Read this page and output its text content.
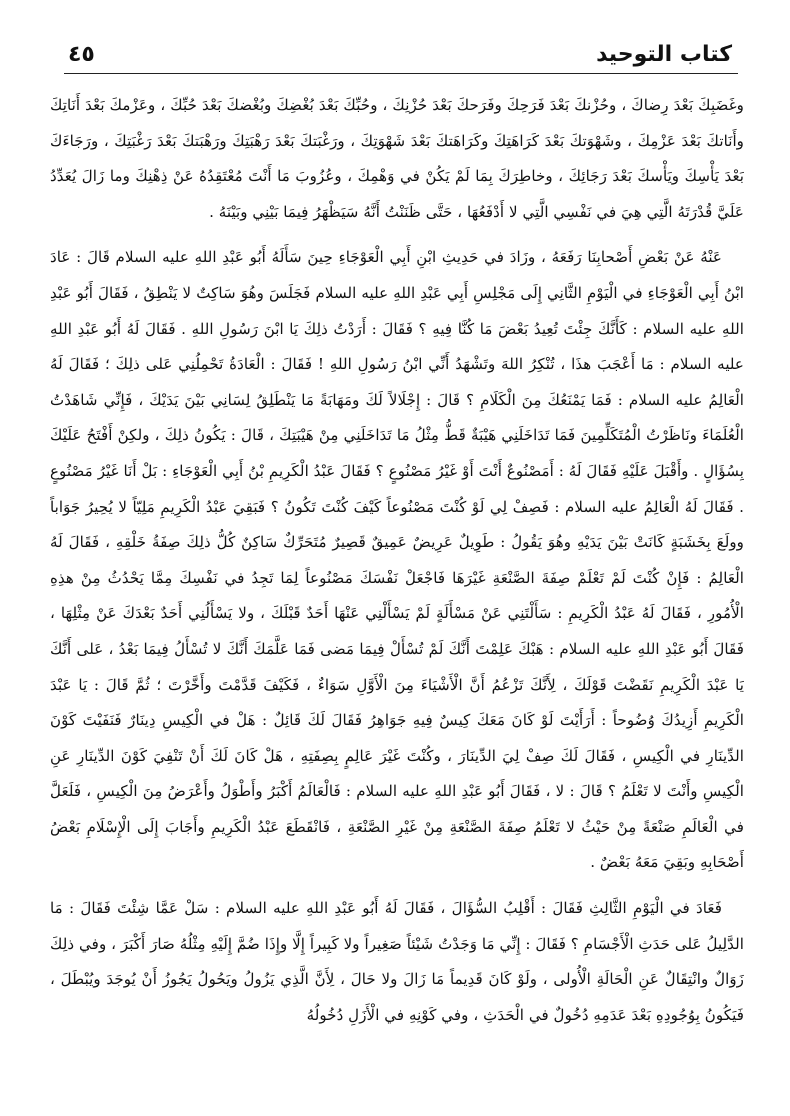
٤٥	كتاب التوحيد

وغَضَبِكَ بَعْدَ رِضاكَ ، وحُزْنكَ بَعْدَ فَرَحِكَ وفَرَحكَ بَعْدَ حُزْنِكَ ، وحُبِّكَ بَعْدَ بُغْضِكَ وبُغْضكَ بَعْدَ حُبِّكَ ، وعَزْمكَ بَعْدَ أَنَاتِكَ وأَنَاتكَ بَعْدَ عَزْمِكَ ، وشَهْوَتكَ بَعْدَ كَرَاهَتِكَ وكَرَاهَتكَ بَعْدَ شَهْوَتِكَ ، ورَغْبَتكَ بَعْدَ رَهْبَتِكَ ورَهْبَتكَ بَعْدَ رَغْبَتِكَ ، ورَجَاءَكَ بَعْدَ يَأْسِكَ ويَأْسكَ بَعْدَ رَجَائِكَ ، وخاطِرَكَ بِمَا لَمْ يَكُنْ في وَهْمِكَ ، وعُزُوبَ مَا أَنْتَ مُعْتَقِدُهُ عَنْ ذِهْنِكَ وما زَالَ يُعَدِّدُ عَلَيَّ قُدْرَتَهُ الَّتِي هِيَ في نَفْسِي الَّتِي لا أَدْفَعُهَا ، حَتَّى ظَنَنْتُ أَنَّهُ سَيَظْهَرُ فِيمَا بَيْنِي وبَيْنَهُ .

عَنْهُ عَنْ بَعْضِ أَصْحابِنَا رَفَعَهُ ، وزَادَ في حَدِيثِ ابْنِ أَبِي الْعَوْجَاءِ حِينَ سَأَلَهُ أَبُو عَبْدِ اللهِ عليه السلام قَالَ : عَادَ ابْنُ أَبِي الْعَوْجَاءِ في الْيَوْمِ الثَّانِي إِلَى مَجْلِسِ أَبِي عَبْدِ اللهِ عليه السلام فَجَلَسَ وهُوَ سَاكِتٌ لا يَنْطِقُ ، فَقَالَ أَبُو عَبْدِ اللهِ عليه السلام : كَأَنَّكَ جِئْتَ تُعِيدُ بَعْضَ مَا كُنَّا فِيهِ ؟ فَقَالَ : أَرَدْتُ ذلِكَ يَا ابْنَ رَسُولِ اللهِ . فَقَالَ لَهُ أَبُو عَبْدِ اللهِ عليه السلام : مَا أَعْجَبَ هذَا ، تُنْكِرُ اللهَ وتَشْهَدُ أَنِّي ابْنُ رَسُولِ اللهِ ! فَقَالَ : الْعَادَةُ تَحْمِلُنِي عَلى ذلِكَ ؛ فَقَالَ لَهُ الْعَالِمُ عليه السلام : فَمَا يَمْنَعُكَ مِنَ الْكَلَامِ ؟ قَالَ : إِجْلَالاً لَكَ ومَهَابَةً مَا يَنْطَلِقُ لِسَانِي بَيْنَ يَدَيْكَ ، فَإِنِّي شَاهَدْتُ الْعُلَمَاءَ ونَاظَرْتُ الْمُتَكَلِّمِينَ فَمَا تَدَاخَلَنِي هَيْبَةٌ قَطُّ مِثْلُ مَا تَدَاخَلَنِي مِنْ هَيْبَتِكَ ، قَالَ : يَكُونُ ذلِكَ ، ولكِنْ أَفْتَحُ عَلَيْكَ بِسُؤَالٍ . وأَقْبَلَ عَلَيْهِ فَقَالَ لَهُ : أَمَصْنُوعٌ أَنْتَ أَوْ غَيْرُ مَصْنُوعٍ ؟ فَقَالَ عَبْدُ الْكَرِيمِ بْنُ أَبِي الْعَوْجَاءِ : بَلْ أَنَا غَيْرُ مَصْنُوعٍ . فَقَالَ لَهُ الْعَالِمُ عليه السلام : فَصِفْ لِي لَوْ كُنْتَ مَصْنُوعاً كَيْفَ كُنْتَ تَكُونُ ؟ فَبَقِيَ عَبْدُ الْكَرِيمِ مَلِيّاً لا يُحِيرُ جَوَاباً وولَعَ بِخَشَبَةٍ كَانَتْ بَيْنَ يَدَيْهِ وهُوَ يَقُولُ : طَوِيلٌ عَرِيضٌ عَمِيقٌ قَصِيرٌ مُتَحَرِّكٌ سَاكِنٌ كُلُّ ذلِكَ صِفَةُ خَلْقِهِ ، فَقَالَ لَهُ الْعَالِمُ : فَإِنْ كُنْتَ لَمْ تَعْلَمْ صِفَةَ الصَّنْعَةِ غَيْرَهَا فَاجْعَلْ نَفْسَكَ مَصْنُوعاً لِمَا تَجِدُ في نَفْسِكَ مِمَّا يَحْدُثُ مِنْ هذِهِ الْأُمُورِ ، فَقَالَ لَهُ عَبْدُ الْكَرِيمِ : سَأَلْتَنِي عَنْ مَسْأَلَةٍ لَمْ يَسْأَلْنِي عَنْهَا أَحَدٌ قَبْلَكَ ، ولا يَسْأَلُنِي أَحَدٌ بَعْدَكَ عَنْ مِثْلِهَا ، فَقَالَ أَبُو عَبْدِ اللهِ عليه السلام : هَبْكَ عَلِمْتَ أَنَّكَ لَمْ تُسْأَلْ فِيمَا مَضى فَمَا عَلَّمَكَ أَنَّكَ لا تُسْأَلُ فِيمَا بَعْدُ ، عَلى أَنَّكَ يَا عَبْدَ الْكَرِيمِ نَقَضْتَ قَوْلَكَ ، لِأَنَّكَ تَزْعُمُ أَنَّ الْأَشْيَاءَ مِنَ الْأَوَّلِ سَوَاءٌ ، فَكَيْفَ قَدَّمْتَ وأَخَّرْتَ ؛ ثُمَّ قَالَ : يَا عَبْدَ الْكَرِيمِ أَزِيدُكَ وُضُوحاً : أَرَأَيْتَ لَوْ كَانَ مَعَكَ كِيسٌ فِيهِ جَوَاهِرُ فَقَالَ لَكَ قَائِلٌ : هَلْ في الْكِيسِ دِينَارٌ فَنَفَيْتَ كَوْنَ الدِّينَارِ في الْكِيسِ ، فَقَالَ لَكَ صِفْ لِيَ الدِّينَارَ ، وكُنْتَ غَيْرَ عَالِمٍ بِصِفَتِهِ ، هَلْ كَانَ لَكَ أَنْ تَنْفِيَ كَوْنَ الدِّينَارِ عَنِ الْكِيسِ وأَنْتَ لا تَعْلَمُ ؟ قَالَ : لا ، فَقَالَ أَبُو عَبْدِ اللهِ عليه السلام : فَالْعَالَمُ أَكْبَرُ وأَطْوَلُ وأَعْرَضُ مِنَ الْكِيسِ ، فَلَعَلَّ في الْعَالَمِ صَنْعَةً مِنْ حَيْثُ لا تَعْلَمُ صِفَةَ الصَّنْعَةِ مِنْ غَيْرِ الصَّنْعَةِ ، فَانْقَطَعَ عَبْدُ الْكَرِيمِ وأَجَابَ إِلَى الْإِسْلَامِ بَعْضُ أَصْحَابِهِ وبَقِيَ مَعَهُ بَعْضٌ .

فَعَادَ في الْيَوْمِ الثَّالِثِ فَقَالَ : أَقْلِبُ السُّؤَالَ ، فَقَالَ لَهُ أَبُو عَبْدِ اللهِ عليه السلام : سَلْ عَمَّا شِئْتَ فَقَالَ : مَا الدَّلِيلُ عَلى حَدَثِ الْأَجْسَامِ ؟ فَقَالَ : إِنِّي مَا وَجَدْتُ شَيْئاً صَغِيراً ولا كَبِيراً إِلَّا وإِذَا ضُمَّ إِلَيْهِ مِثْلُهُ صَارَ أَكْبَرَ ، وفي ذلِكَ زَوَالٌ وانْتِقَالٌ عَنِ الْحَالَةِ الْأُولى ، ولَوْ كَانَ قَدِيماً مَا زَالَ ولا حَالَ ، لِأَنَّ الَّذِي يَزُولُ ويَحُولُ يَجُوزُ أَنْ يُوجَدَ ويُبْطَلَ ، فَيَكُونُ بِوُجُودِهِ بَعْدَ عَدَمِهِ دُخُولٌ في الْحَدَثِ ، وفي كَوْنِهِ في الْأَزَلِ دُخُولُهُ
